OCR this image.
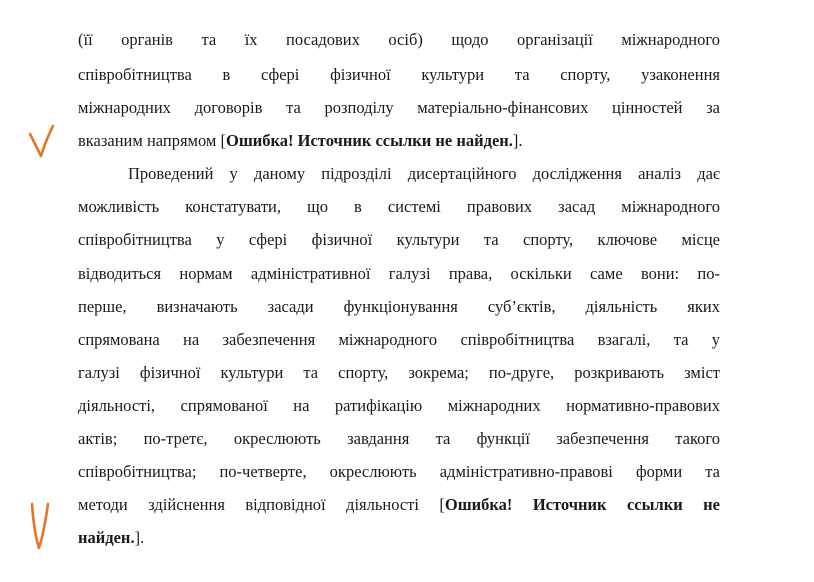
(її органів та їх посадових осіб) щодо організації міжнародного
співробітництва в сфері фізичної культури та спорту, узаконення
міжнародних договорів та розподілу матеріально-фінансових цінностей за
вказаним напрямом [Ошибка! Источник ссылки не найден.].
Проведений у даному підрозділі дисертаційного дослідження аналіз дає
можливість констатувати, що в системі правових засад міжнародного
співробітництва у сфері фізичної культури та спорту, ключове місце
відводиться нормам адміністративної галузі права, оскільки саме вони: по-
перше, визначають засади функціонування суб’єктів, діяльність яких
спрямована на забезпечення міжнародного співробітництва взагалі, та у
галузі фізичної культури та спорту, зокрема; по-друге, розкривають зміст
діяльності, спрямованої на ратифікацію міжнародних нормативно-правових
актів; по-третє, окреслюють завдання та функції забезпечення такого
співробітництва; по-четверте, окреслюють адміністративно-правові форми та
методи здійснення відповідної діяльності [Ошибка! Источник ссылки не
найден.].
